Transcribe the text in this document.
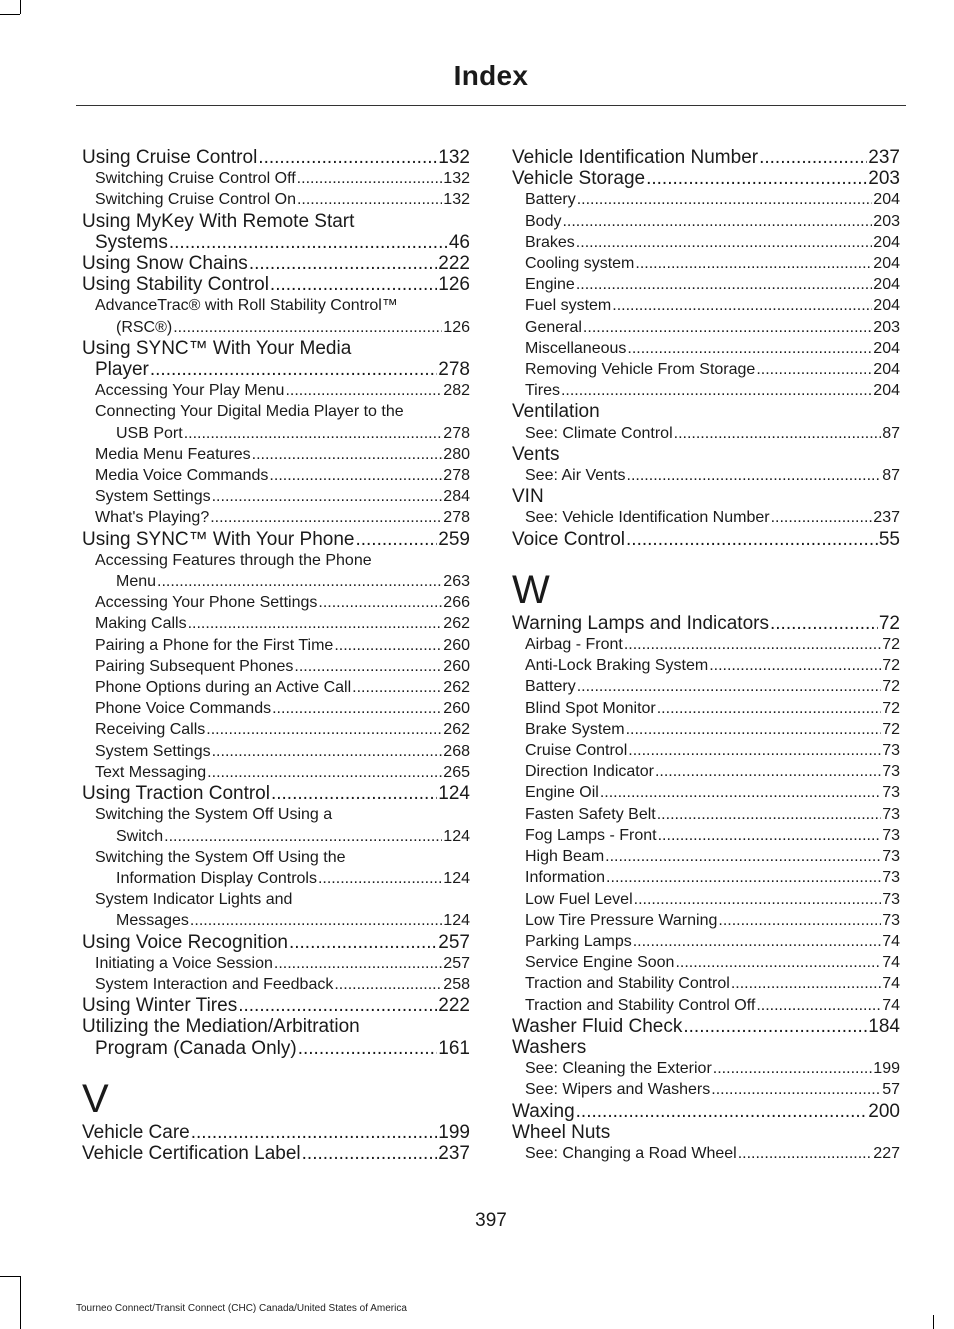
Index
Using Cruise Control .....	132
Switching Cruise Control Off .....	132
Switching Cruise Control On .....	132
Using MyKey With Remote Start
Systems .....	46
Using Snow Chains .....	222
Using Stability Control .....	126
AdvanceTrac® with Roll Stability Control™
(RSC®) .....	126
Using SYNC™ With Your Media
Player .....	278
Accessing Your Play Menu .....	282
Connecting Your Digital Media Player to the
USB Port .....	278
Media Menu Features .....	280
Media Voice Commands .....	278
System Settings .....	284
What's Playing? .....	278
Using SYNC™ With Your Phone .....	259
Accessing Features through the Phone
Menu .....	263
Accessing Your Phone Settings .....	266
Making Calls .....	262
Pairing a Phone for the First Time .....	260
Pairing Subsequent Phones .....	260
Phone Options during an Active Call .....	262
Phone Voice Commands .....	260
Receiving Calls .....	262
System Settings .....	268
Text Messaging .....	265
Using Traction Control .....	124
Switching the System Off Using a
Switch .....	124
Switching the System Off Using the
Information Display Controls .....	124
System Indicator Lights and
Messages .....	124
Using Voice Recognition .....	257
Initiating a Voice Session .....	257
System Interaction and Feedback .....	258
Using Winter Tires .....	222
Utilizing the Mediation/Arbitration
Program (Canada Only) .....	161
V
Vehicle Care .....	199
Vehicle Certification Label .....	237
Vehicle Identification Number .....	237
Vehicle Storage .....	203
Battery .....	204
Body .....	203
Brakes .....	204
Cooling system .....	204
Engine .....	204
Fuel system .....	204
General .....	203
Miscellaneous .....	204
Removing Vehicle From Storage .....	204
Tires .....	204
Ventilation
See: Climate Control .....	87
Vents
See: Air Vents .....	87
VIN
See: Vehicle Identification Number .....	237
Voice Control .....	55
W
Warning Lamps and Indicators .....	72
Airbag - Front .....	72
Anti-Lock Braking System .....	72
Battery .....	72
Blind Spot Monitor .....	72
Brake System .....	72
Cruise Control .....	73
Direction Indicator .....	73
Engine Oil .....	73
Fasten Safety Belt .....	73
Fog Lamps - Front .....	73
High Beam .....	73
Information .....	73
Low Fuel Level .....	73
Low Tire Pressure Warning .....	73
Parking Lamps .....	74
Service Engine Soon .....	74
Traction and Stability Control .....	74
Traction and Stability Control Off .....	74
Washer Fluid Check .....	184
Washers
See: Cleaning the Exterior .....	199
See: Wipers and Washers .....	57
Waxing .....	200
Wheel Nuts
See: Changing a Road Wheel .....	227
397
Tourneo Connect/Transit Connect (CHC) Canada/United States of America
